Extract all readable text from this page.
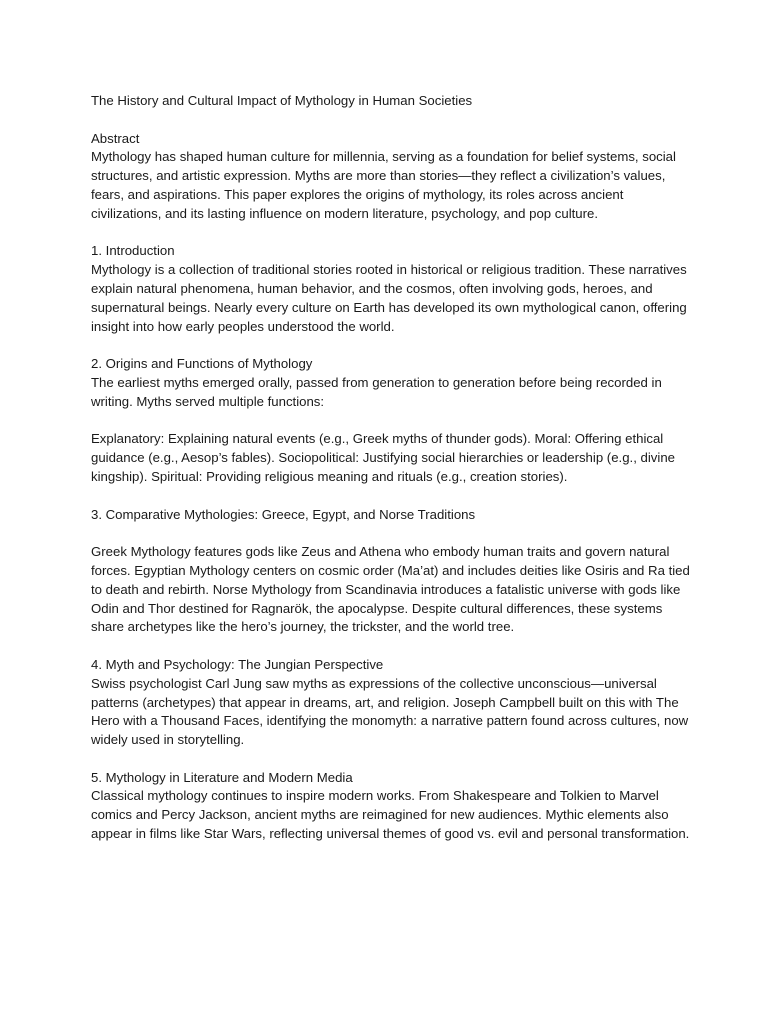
The History and Cultural Impact of Mythology in Human Societies

Abstract

Mythology has shaped human culture for millennia, serving as a foundation for belief systems, social structures, and artistic expression. Myths are more than stories—they reflect a civilization’s values, fears, and aspirations. This paper explores the origins of mythology, its roles across ancient civilizations, and its lasting influence on modern literature, psychology, and pop culture.

1. Introduction

Mythology is a collection of traditional stories rooted in historical or religious tradition. These narratives explain natural phenomena, human behavior, and the cosmos, often involving gods, heroes, and supernatural beings. Nearly every culture on Earth has developed its own mythological canon, offering insight into how early peoples understood the world.

2. Origins and Functions of Mythology

The earliest myths emerged orally, passed from generation to generation before being recorded in writing. Myths served multiple functions:

Explanatory: Explaining natural events (e.g., Greek myths of thunder gods). Moral: Offering ethical guidance (e.g., Aesop’s fables). Sociopolitical: Justifying social hierarchies or leadership (e.g., divine kingship). Spiritual: Providing religious meaning and rituals (e.g., creation stories).

3. Comparative Mythologies: Greece, Egypt, and Norse Traditions

Greek Mythology features gods like Zeus and Athena who embody human traits and govern natural forces. Egyptian Mythology centers on cosmic order (Ma’at) and includes deities like Osiris and Ra tied to death and rebirth. Norse Mythology from Scandinavia introduces a fatalistic universe with gods like Odin and Thor destined for Ragnarök, the apocalypse. Despite cultural differences, these systems share archetypes like the hero’s journey, the trickster, and the world tree.

4. Myth and Psychology: The Jungian Perspective

Swiss psychologist Carl Jung saw myths as expressions of the collective unconscious—universal patterns (archetypes) that appear in dreams, art, and religion. Joseph Campbell built on this with The Hero with a Thousand Faces, identifying the monomyth: a narrative pattern found across cultures, now widely used in storytelling.

5. Mythology in Literature and Modern Media

Classical mythology continues to inspire modern works. From Shakespeare and Tolkien to Marvel comics and Percy Jackson, ancient myths are reimagined for new audiences. Mythic elements also appear in films like Star Wars, reflecting universal themes of good vs. evil and personal transformation.
